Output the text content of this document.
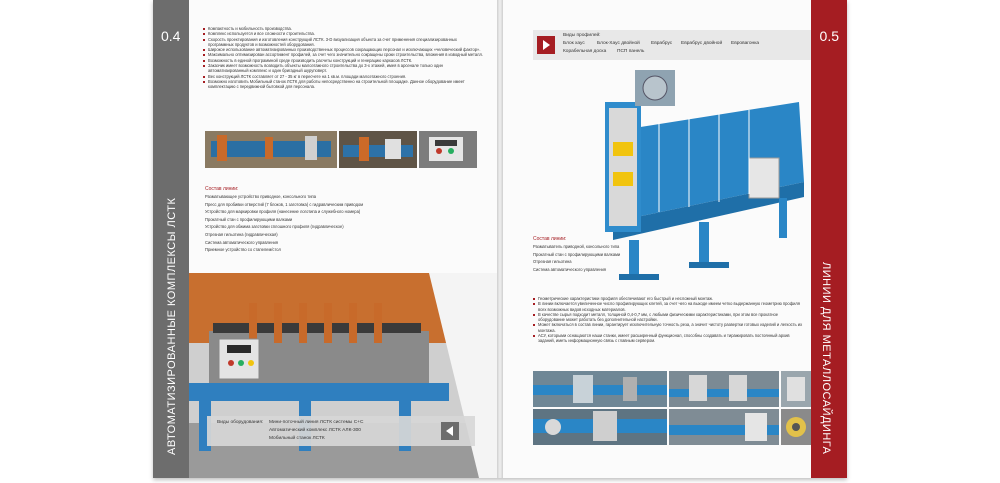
0.4
АВТОМАТИЗИРОВАННЫЕ КОМПЛЕКСЫ ЛСТК
Компактность и мобильность производства.
Комплекс используется и все сложности строительства.
Скорость проектирования и изготовления конструкций ЛСТК. 3-D визуализация объекта за счет применения специализированных программных продуктов и возможностей оборудования.
Широкое использование автоматизированных производственных процессов сокращающих персонал и исключающих «человеческий фактор».
Максимально оптимизирован ассортимент профилей, за счет чего значительно сокращены сроки строительства, вложения в изводный металл.
Возможность в единой программной среде производить расчеты конструкций и генерацию каркасов ЛСТК.
Заказчик имеет возможность возводить объекты малоэтажного строительства до 3-х этажей, имея в арсенале только один автоматизированный комплекс и один бригадный шуруповерт.
Вес конструкций ЛСТК составляет от 27 - 35 кг в пересчете на 1 кв.м. площади малоэтажного строения.
Возможно изготовить Мобильный станок ЛСТК для работы непосредственно на строительной площадке. Данное оборудование имеет комплектацию с передвижной бытовкой для персонала.
Состав линии:
Разматывающее устройство приводное, консольного типа
Пресс для пробивки отверстий (7 блоков, 1 заготовка) с гидравлическим приводом
Устройство для маркировки профиля (нанесение логотипа и служебного номера)
Прокатный стан с профилирующими валками
Устройство для обжима заготовки сплошного профиля (гидравлическое)
Отрезная гильотина (гидравлическая)
Система автоматического управления
Приемное устройство со стапелем/стол
Виды оборудования: Мини-поточный линия ЛСТК системы С+С
Автоматический комплекс ЛСТК АЛК-300
Мобильный станок ЛСТК
0.5
ЛИНИИ ДЛЯ МЕТАЛЛОСАЙДИНГА
Виды профилей:
Блок хаус	Блок-Хаус двойной Еврабрус Еврабрус двойной Евровагонка
Корабельная доска ПСП панель
Состав линии:
Разматыватель приводной, консольного типа
Прокатный стан с профилирующими валками
Отрезная гильотина
Система автоматического управления
Геометрические характеристики профиля обеспечивают его быстрый и несложный монтаж.
В линии включается увеличенное число профилирующих клетей, за счет чего на выходе имеем четко выдержанную геометрию профиля всех возможных видов исходных материалов.
В качестве сырья подходит металл, толщиной 0,4-0,7 мм, с любыми физическими характеристиками, при этом все прокатное оборудование может работать без дополнительной настройки.
Может включаться в состав линии, гарантирует исключительную точность реза, а значит чистоту развертки готовых изделий и легкость их монтажа.
АСУ, которыми оснащаются наши станки, имеет расширенный функционал, способны создавать и тиражировать постоянный архив заданий, иметь информационную связь с главным сервером.
